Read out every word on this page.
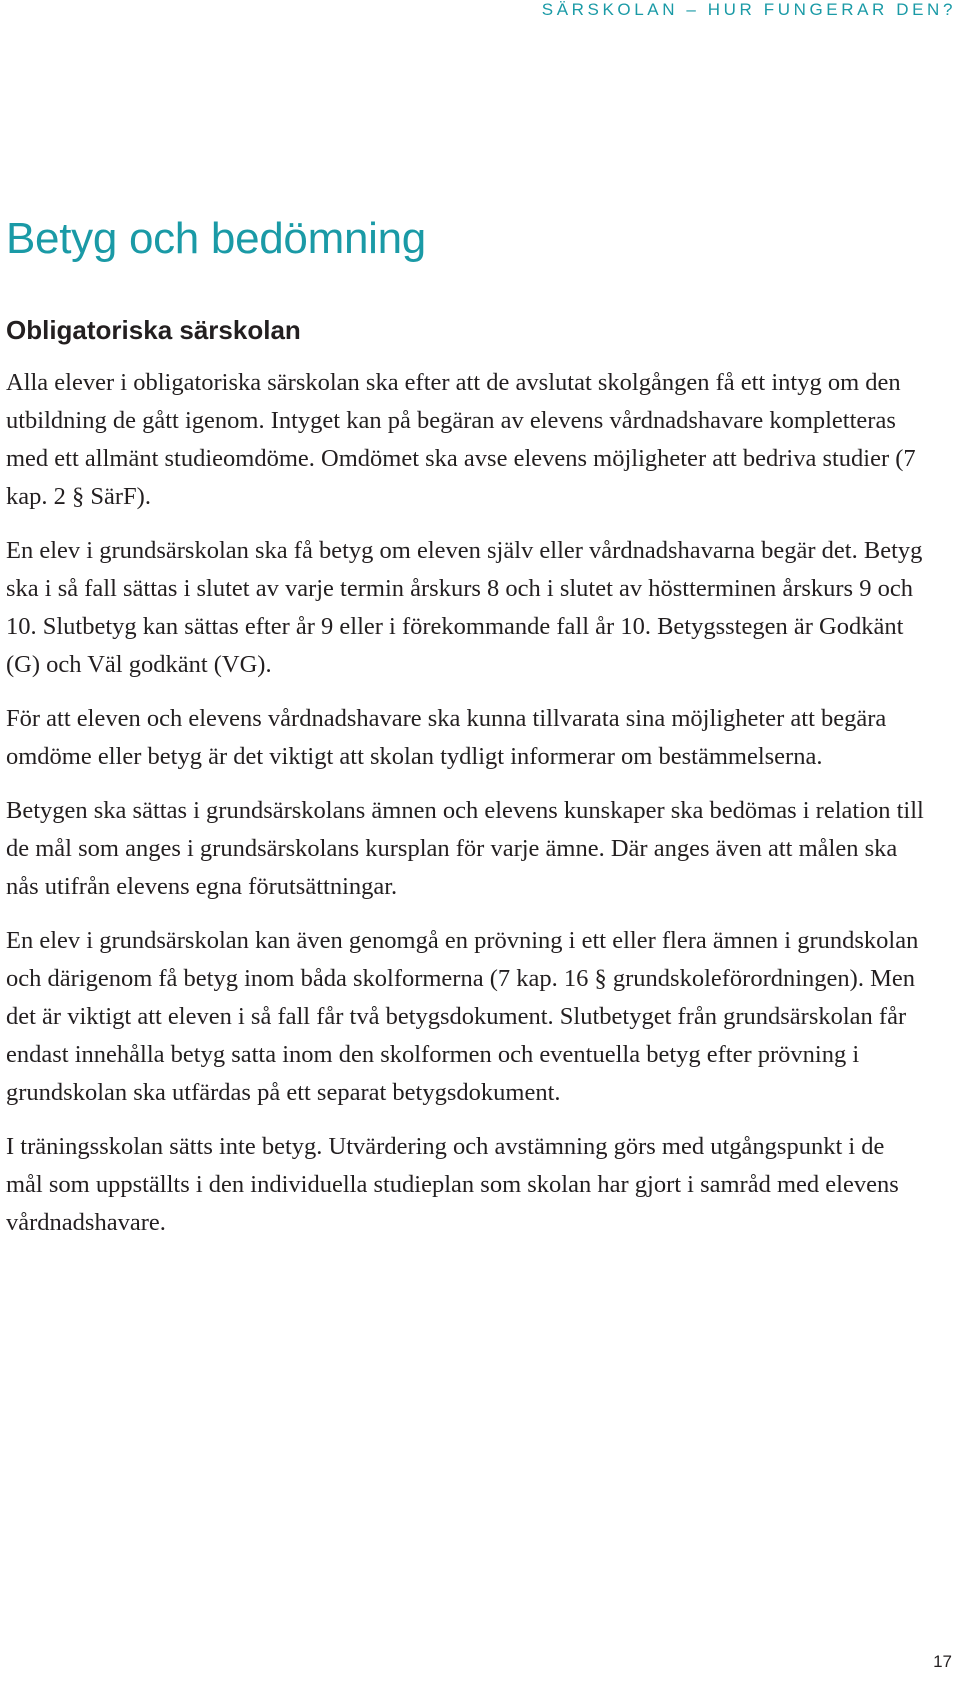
SÄRSKOLAN – HUR FUNGERAR DEN?
Betyg och bedömning
Obligatoriska särskolan

Alla elever i obligatoriska särskolan ska efter att de avslutat skolgången få ett intyg om den utbildning de gått igenom. Intyget kan på begäran av elevens vårdnadshavare kompletteras med ett allmänt studieomdöme. Omdömet ska avse elevens möjligheter att bedriva studier (7 kap. 2 § SärF).

En elev i grundsärskolan ska få betyg om eleven själv eller vårdnadshavarna begär det. Betyg ska i så fall sättas i slutet av varje termin årskurs 8 och i slutet av höstterminen årskurs 9 och 10. Slutbetyg kan sättas efter år 9 eller i förekommande fall år 10. Betygsstegen är Godkänt (G) och Väl godkänt (VG).

För att eleven och elevens vårdnadshavare ska kunna tillvarata sina möjligheter att begära omdöme eller betyg är det viktigt att skolan tydligt informerar om bestämmelserna.

Betygen ska sättas i grundsärskolans ämnen och elevens kunskaper ska bedömas i relation till de mål som anges i grundsärskolans kursplan för varje ämne. Där anges även att målen ska nås utifrån elevens egna förutsättningar.

En elev i grundsärskolan kan även genomgå en prövning i ett eller flera ämnen i grundskolan och därigenom få betyg inom båda skolformerna (7 kap. 16 § grundskoleförordningen). Men det är viktigt att eleven i så fall får två betygsdokument. Slutbetyget från grundsärskolan får endast innehålla betyg satta inom den skolformen och eventuella betyg efter prövning i grundskolan ska utfärdas på ett separat betygsdokument.

I träningsskolan sätts inte betyg. Utvärdering och avstämning görs med utgångspunkt i de mål som uppställts i den individuella studieplan som skolan har gjort i samråd med elevens vårdnadshavare.

17
